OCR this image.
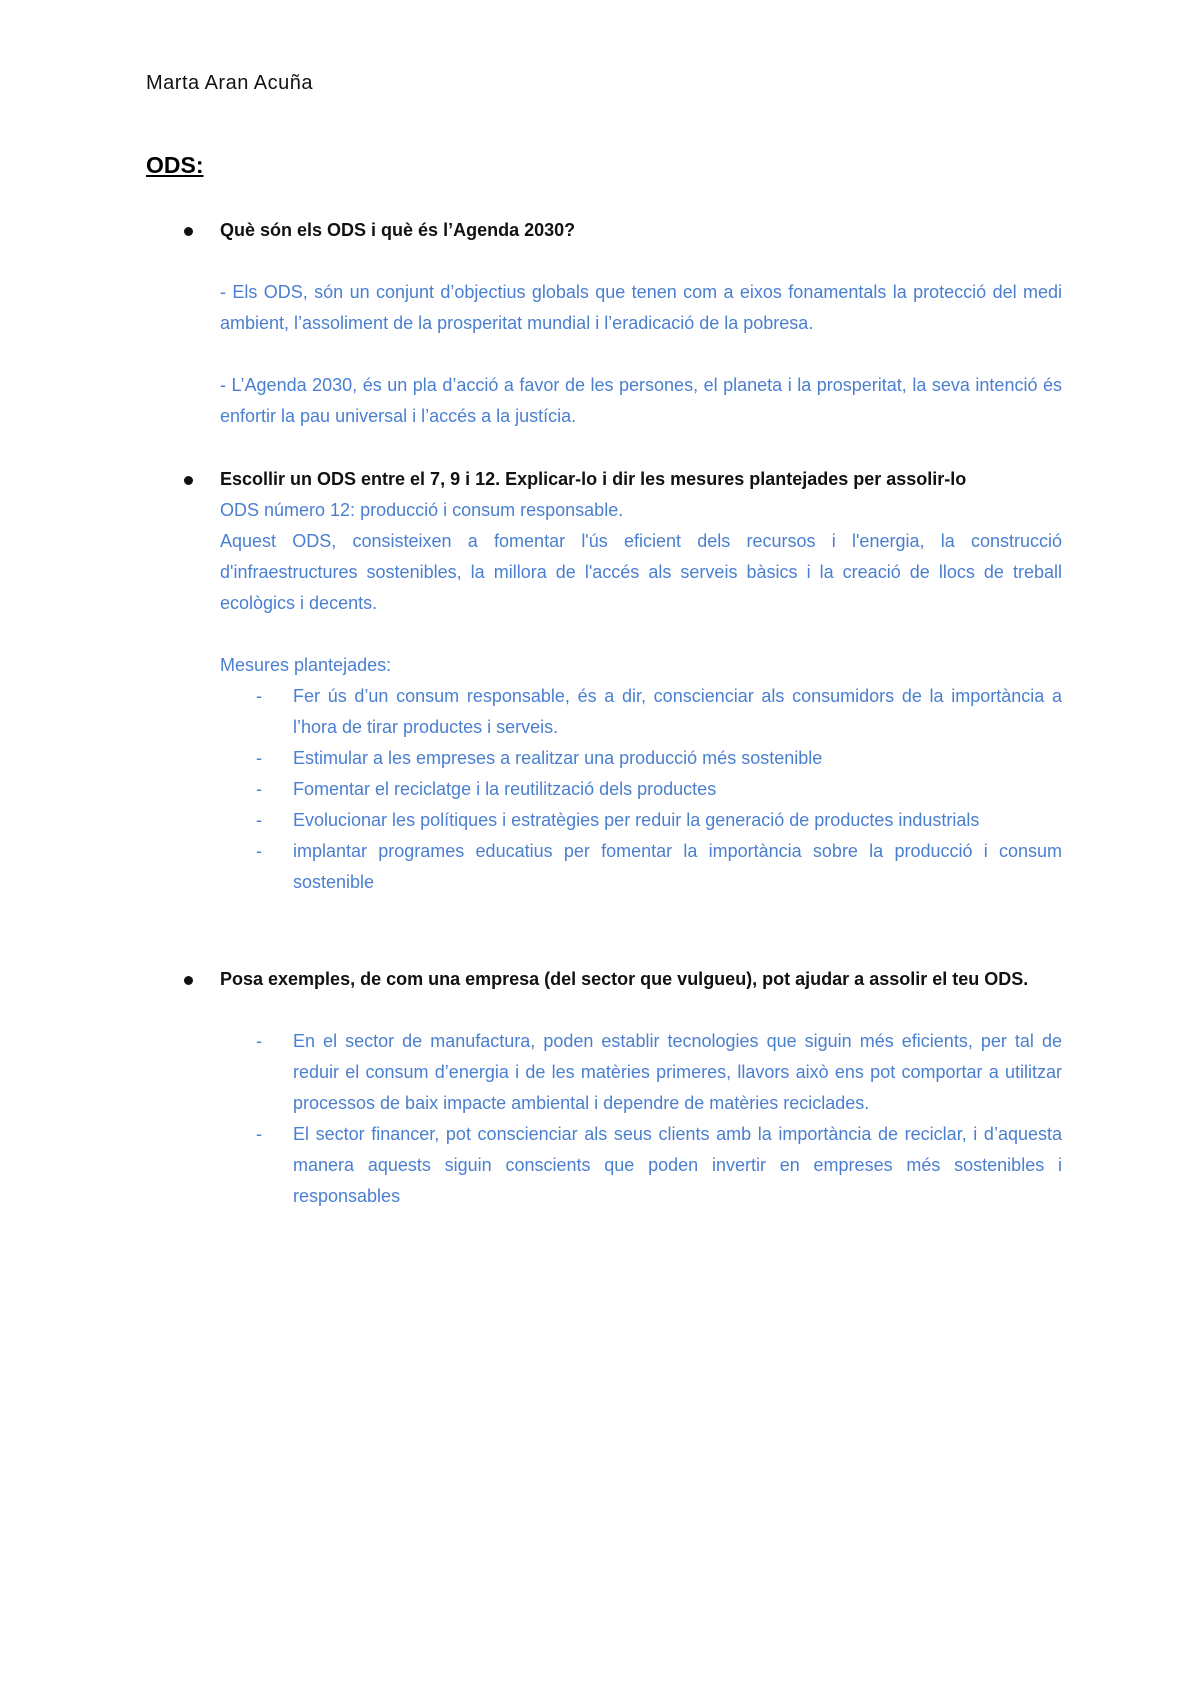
Marta Aran Acuña
ODS:
Què són els ODS i què és l’Agenda 2030?
- Els ODS, són un conjunt d’objectius globals que tenen com a eixos fonamentals la protecció del medi ambient, l’assoliment de la prosperitat mundial i l’eradicació de la pobresa.
- L’Agenda 2030, és un pla d’acció a favor de les persones, el planeta i la prosperitat, la seva intenció és enfortir la pau universal i l’accés a la justícia.
Escollir un ODS entre el 7, 9 i 12. Explicar-lo i dir les mesures plantejades per assolir-lo
ODS número 12: producció i consum responsable.
Aquest ODS, consisteixen a fomentar l'ús eficient dels recursos i l'energia, la construcció d'infraestructures sostenibles, la millora de l'accés als serveis bàsics i la creació de llocs de treball ecològics i decents.
Mesures plantejades:
- Fer ús d’un consum responsable, és a dir, conscienciar als consumidors de la importància a l’hora de tirar productes i serveis.
- Estimular a les empreses a realitzar una producció més sostenible
- Fomentar el reciclatge i la reutilització dels productes
- Evolucionar les polítiques i estratègies per reduir la generació de productes industrials
- implantar programes educatius per fomentar la importància sobre la producció i consum sostenible
Posa exemples, de com una empresa (del sector que vulgueu), pot ajudar a assolir el teu ODS.
- En el sector de manufactura, poden establir tecnologies que siguin més eficients, per tal de reduir el consum d’energia i de les matèries primeres, llavors això ens pot comportar a utilitzar processos de baix impacte ambiental i dependre de matèries reciclades.
- El sector financer, pot conscienciar als seus clients amb la importància de reciclar, i d’aquesta manera aquests siguin conscients que poden invertir en empreses més sostenibles i responsables
